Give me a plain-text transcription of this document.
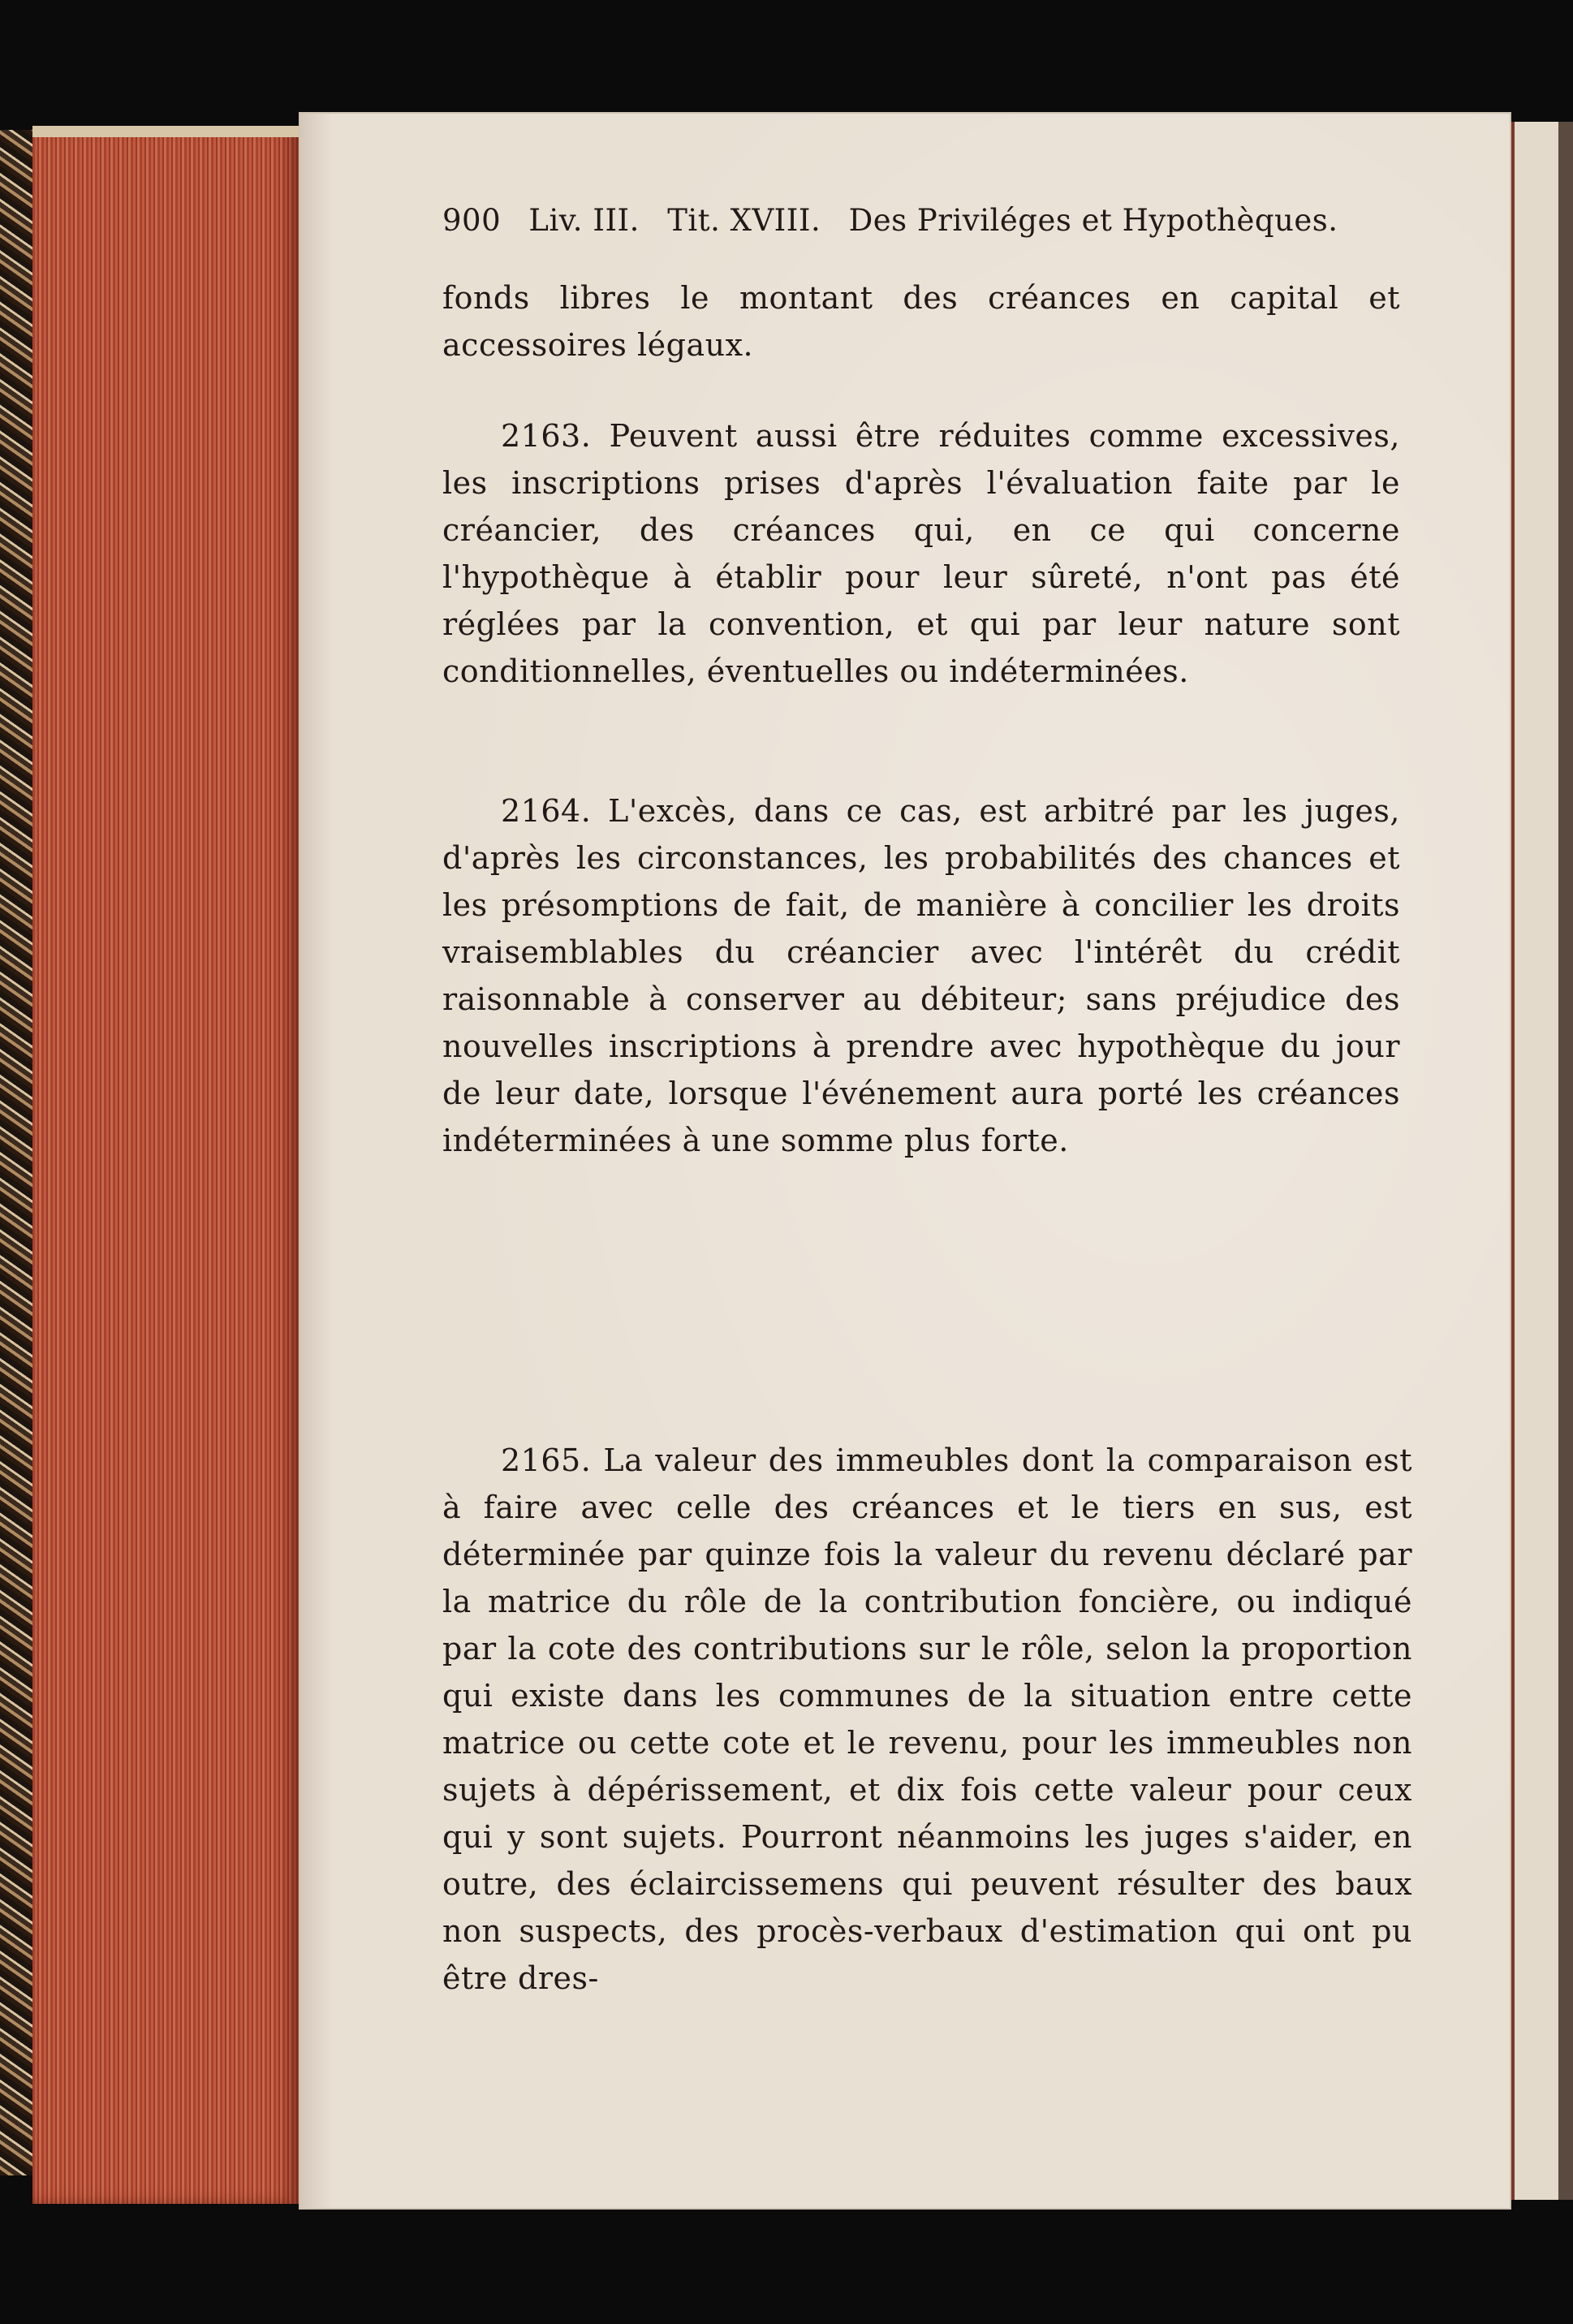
900 Liv. III. Tit. XVIII. Des Priviléges et Hypothèques.
fonds libres le montant des créances en capital et accessoires légaux.
2163. Peuvent aussi être réduites comme excessives, les inscriptions prises d'après l'évaluation faite par le créancier, des créances qui, en ce qui concerne l'hypothèque à établir pour leur sûreté, n'ont pas été réglées par la convention, et qui par leur nature sont conditionnelles, éventuelles ou indéterminées.
2164. L'excès, dans ce cas, est arbitré par les juges, d'après les circonstances, les probabilités des chances et les présomptions de fait, de manière à concilier les droits vraisemblables du créancier avec l'intérêt du crédit raisonnable à conserver au débiteur; sans préjudice des nouvelles inscriptions à prendre avec hypothèque du jour de leur date, lorsque l'événement aura porté les créances indéterminées à une somme plus forte.
2165. La valeur des immeubles dont la comparaison est à faire avec celle des créances et le tiers en sus, est déterminée par quinze fois la valeur du revenu déclaré par la matrice du rôle de la contribution foncière, ou indiqué par la cote des contributions sur le rôle, selon la proportion qui existe dans les communes de la situation entre cette matrice ou cette cote et le revenu, pour les immeubles non sujets à dépérissement, et dix fois cette valeur pour ceux qui y sont sujets. Pourront néanmoins les juges s'aider, en outre, des éclaircissemens qui peuvent résulter des baux non suspects, des procès-verbaux d'estimation qui ont pu être dres-
